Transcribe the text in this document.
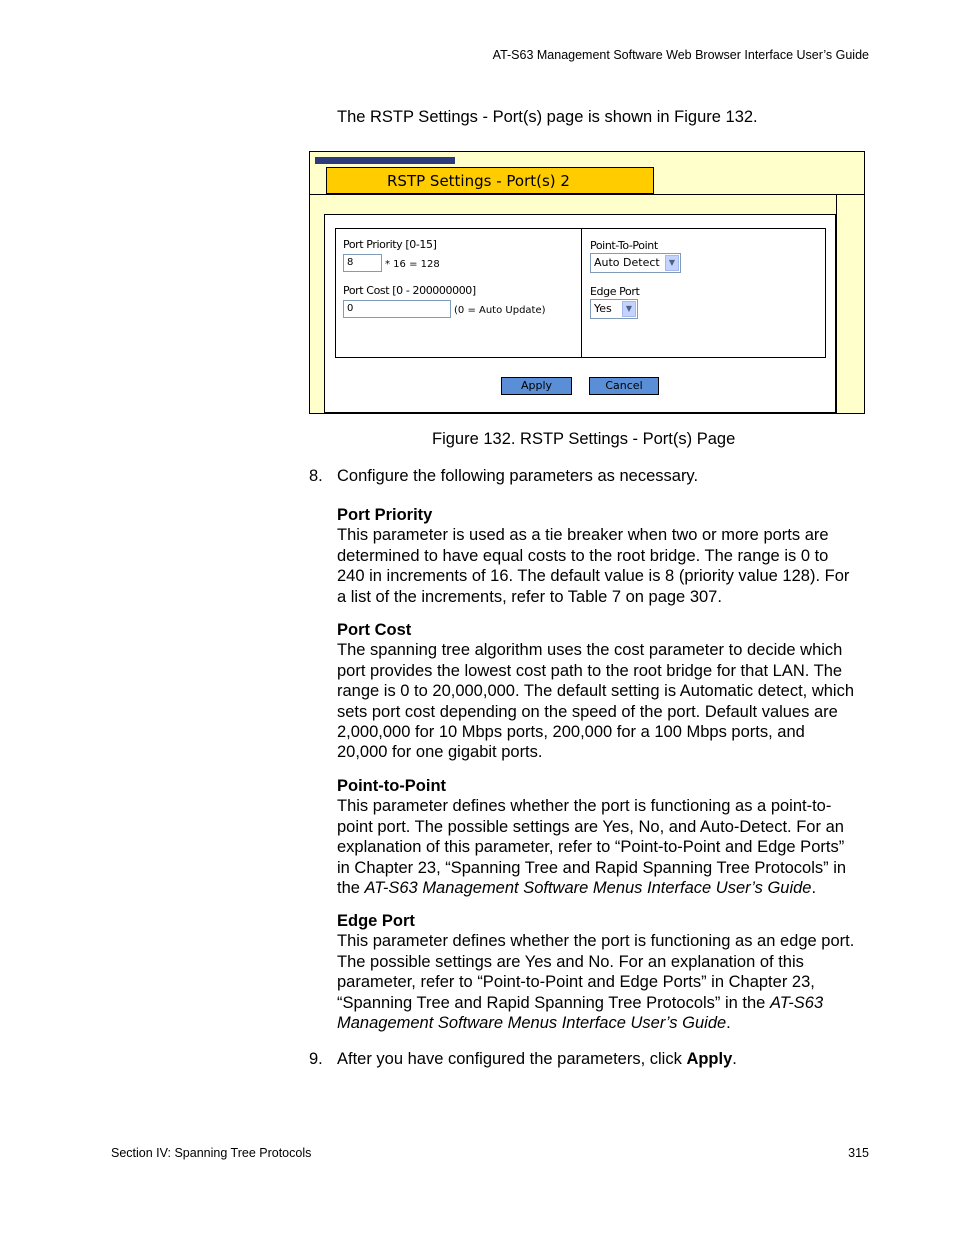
AT-S63 Management Software Web Browser Interface User’s Guide
The RSTP Settings - Port(s) page is shown in Figure 132.
RSTP Settings - Port(s) 2
Port Priority [0-15]
8	* 16 = 128
Port Cost [0 - 200000000]
0	(0 = Auto Update)
Point-To-Point
Auto Detect	▼
Edge Port
Yes	▼
Apply	Cancel
Figure 132. RSTP Settings - Port(s) Page
8. Configure the following parameters as necessary.
Port Priority

This parameter is used as a tie breaker when two or more ports are

determined to have equal costs to the root bridge. The range is 0 to

240 in increments of 16. The default value is 8 (priority value 128). For

a list of the increments, refer to Table 7 on page 307.

Port Cost

The spanning tree algorithm uses the cost parameter to decide which

port provides the lowest cost path to the root bridge for that LAN. The

range is 0 to 20,000,000. The default setting is Automatic detect, which

sets port cost depending on the speed of the port. Default values are

2,000,000 for 10 Mbps ports, 200,000 for a 100 Mbps ports, and

20,000 for one gigabit ports.

Point-to-Point

This parameter defines whether the port is functioning as a point-to-

point port. The possible settings are Yes, No, and Auto-Detect. For an

explanation of this parameter, refer to “Point-to-Point and Edge Ports”

in Chapter 23, “Spanning Tree and Rapid Spanning Tree Protocols” in

the AT-S63 Management Software Menus Interface User’s Guide.

Edge Port

This parameter defines whether the port is functioning as an edge port.

The possible settings are Yes and No. For an explanation of this

parameter, refer to “Point-to-Point and Edge Ports” in Chapter 23,

“Spanning Tree and Rapid Spanning Tree Protocols” in the AT-S63

Management Software Menus Interface User’s Guide.

9. After you have configured the parameters, click Apply.
Section IV: Spanning Tree Protocols	315
